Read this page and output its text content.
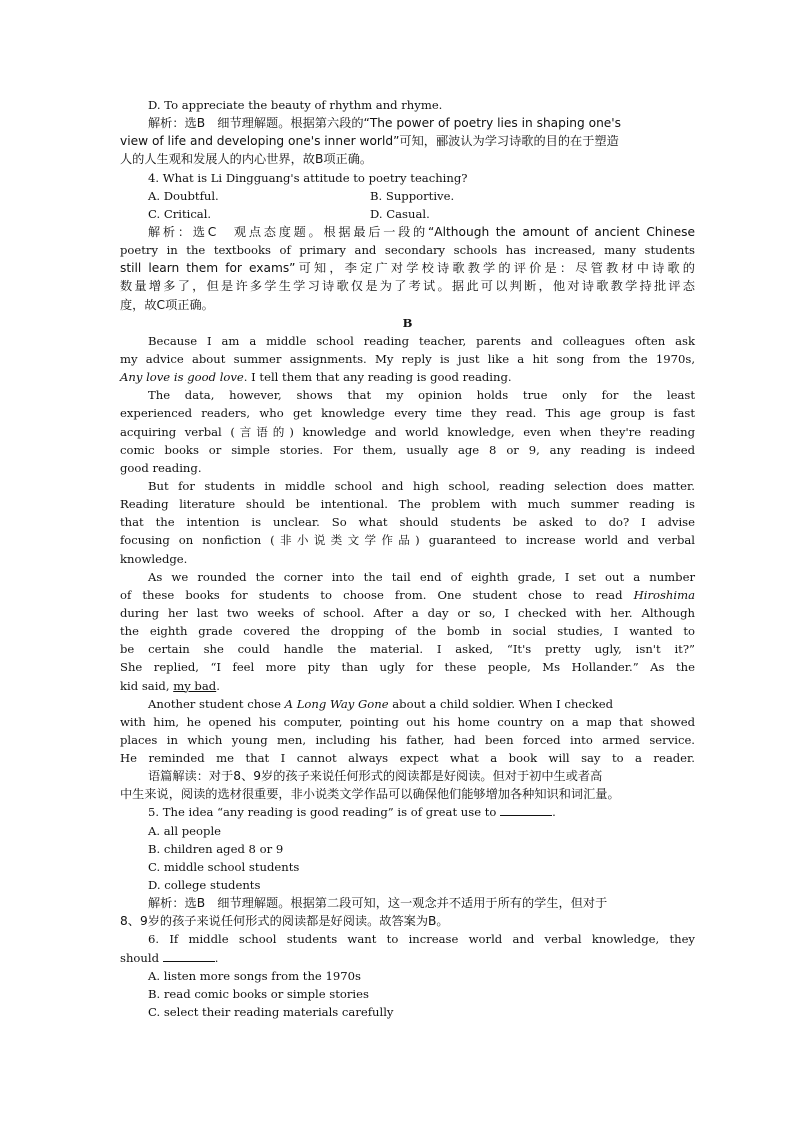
D. To appreciate the beauty of rhythm and rhyme.
解析：选B　细节理解题。根据第六段的“The power of poetry lies in shaping one's
view of life and developing one's inner world”可知，郦波认为学习诗歌的目的在于塑造
人的人生观和发展人的内心世界，故B项正确。
4. What is Li Dingguang's attitude to poetry teaching?
A. Doubtful.	B. Supportive.
C. Critical.	D. Casual.
解析：选C　观点态度题。根据最后一段的“Although the amount of ancient Chinese
poetry in the textbooks of primary and secondary schools has increased, many students
still learn them for exams”可知，李定广对学校诗歌教学的评价是：尽管教材中诗歌的
数量增多了，但是许多学生学习诗歌仅是为了考试。据此可以判断，他对诗歌教学持批评态
度，故C项正确。
B
Because I am a middle school reading teacher, parents and colleagues often ask
my advice about summer assignments. My reply is just like a hit song from the 1970s,
Any love is good love. I tell them that any reading is good reading.
The data, however, shows that my opinion holds true only for the least
experienced readers, who get knowledge every time they read. This age group is fast
acquiring verbal (言语的) knowledge and world knowledge, even when they're reading
comic books or simple stories. For them, usually age 8 or 9, any reading is indeed
good reading.
But for students in middle school and high school, reading selection does matter.
Reading literature should be intentional. The problem with much summer reading is
that the intention is unclear. So what should students be asked to do? I advise
focusing on nonfiction (非小说类文学作品) guaranteed to increase world and verbal
knowledge.
As we rounded the corner into the tail end of eighth grade, I set out a number
of these books for students to choose from. One student chose to read Hiroshima
during her last two weeks of school. After a day or so, I checked with her. Although
the eighth grade covered the dropping of the bomb in social studies, I wanted to
be certain she could handle the material. I asked, “It's pretty ugly, isn't it?”
She replied, “I feel more pity than ugly for these people, Ms Hollander.” As the
kid said, my bad.
Another student chose A Long Way Gone about a child soldier. When I checked
with him, he opened his computer, pointing out his home country on a map that showed
places in which young men, including his father, had been forced into armed service.
He reminded me that I cannot always expect what a book will say to a reader.
语篇解读：对于8、9岁的孩子来说任何形式的阅读都是好阅读。但对于初中生或者高
中生来说，阅读的选材很重要，非小说类文学作品可以确保他们能够增加各种知识和词汇量。
5. The idea “any reading is good reading” is of great use to	.
A. all people
B. children aged 8 or 9
C. middle school students
D. college students
解析：选B　细节理解题。根据第二段可知，这一观念并不适用于所有的学生，但对于
8、9岁的孩子来说任何形式的阅读都是好阅读。故答案为B。
6. If middle school students want to increase world and verbal knowledge, they
should	.
A. listen more songs from the 1970s
B. read comic books or simple stories
C. select their reading materials carefully
